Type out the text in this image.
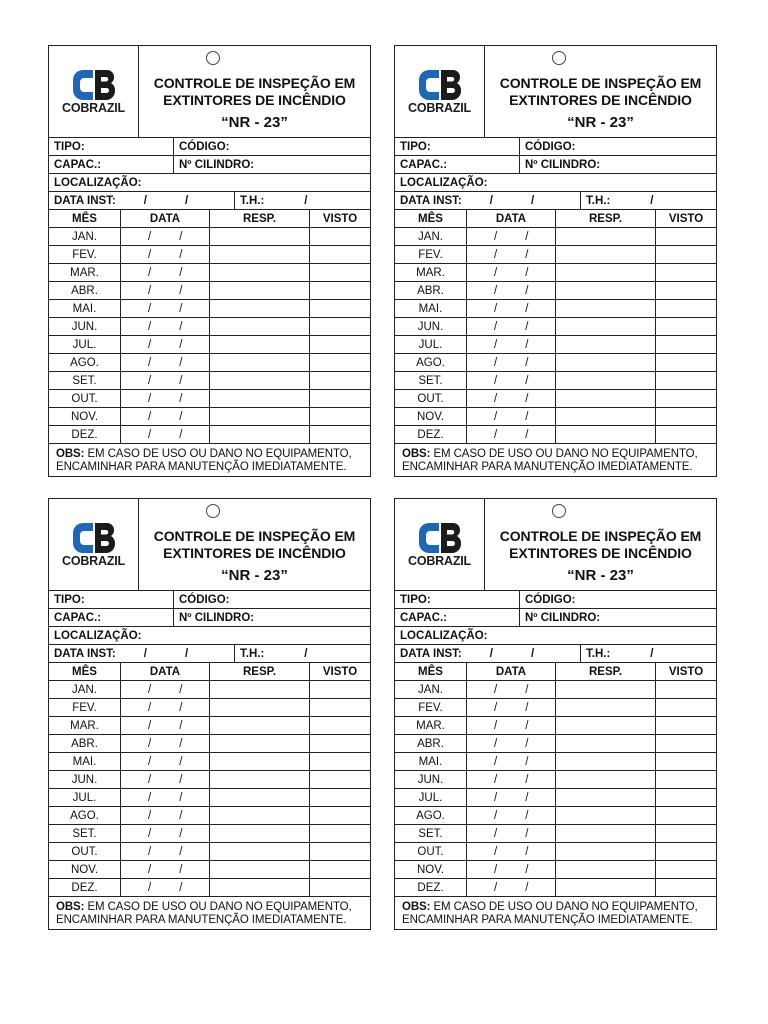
COBRAZIL
CONTROLE DE INSPEÇÃO EM
EXTINTORES DE INCÊNDIO
“NR - 23”
TIPO:	CÓDIGO:
CAPAC.:	Nº CILINDRO:
LOCALIZAÇÃO:
DATA INST: /	/	T.H.:	/
MÊS	DATA	RESP.	VISTO
JAN.	/ /
FEV.	/ /
MAR.	/ /
ABR.	/ /
MAI.	/ /
JUN.	/ /
JUL.	/ /
AGO.	/ /
SET.	/ /
OUT.	/ /
NOV.	/ /
DEZ.	/ /
OBS: EM CASO DE USO OU DANO NO EQUIPAMENTO,
ENCAMINHAR PARA MANUTENÇÃO IMEDIATAMENTE.
COBRAZIL
CONTROLE DE INSPEÇÃO EM
EXTINTORES DE INCÊNDIO
“NR - 23”
TIPO:	CÓDIGO:
CAPAC.:	Nº CILINDRO:
LOCALIZAÇÃO:
DATA INST: /	/	T.H.:	/
MÊS	DATA	RESP.	VISTO
JAN.	/ /
FEV.	/ /
MAR.	/ /
ABR.	/ /
MAI.	/ /
JUN.	/ /
JUL.	/ /
AGO.	/ /
SET.	/ /
OUT.	/ /
NOV.	/ /
DEZ.	/ /
OBS: EM CASO DE USO OU DANO NO EQUIPAMENTO,
ENCAMINHAR PARA MANUTENÇÃO IMEDIATAMENTE.
COBRAZIL
CONTROLE DE INSPEÇÃO EM
EXTINTORES DE INCÊNDIO
“NR - 23”
TIPO:	CÓDIGO:
CAPAC.:	Nº CILINDRO:
LOCALIZAÇÃO:
DATA INST: /	/	T.H.:	/
MÊS	DATA	RESP.	VISTO
JAN.	/ /
FEV.	/ /
MAR.	/ /
ABR.	/ /
MAI.	/ /
JUN.	/ /
JUL.	/ /
AGO.	/ /
SET.	/ /
OUT.	/ /
NOV.	/ /
DEZ.	/ /
OBS: EM CASO DE USO OU DANO NO EQUIPAMENTO,
ENCAMINHAR PARA MANUTENÇÃO IMEDIATAMENTE.
COBRAZIL
CONTROLE DE INSPEÇÃO EM
EXTINTORES DE INCÊNDIO
“NR - 23”
TIPO:	CÓDIGO:
CAPAC.:	Nº CILINDRO:
LOCALIZAÇÃO:
DATA INST: /	/	T.H.:	/
MÊS	DATA	RESP.	VISTO
JAN.	/ /
FEV.	/ /
MAR.	/ /
ABR.	/ /
MAI.	/ /
JUN.	/ /
JUL.	/ /
AGO.	/ /
SET.	/ /
OUT.	/ /
NOV.	/ /
DEZ.	/ /
OBS: EM CASO DE USO OU DANO NO EQUIPAMENTO,
ENCAMINHAR PARA MANUTENÇÃO IMEDIATAMENTE.
